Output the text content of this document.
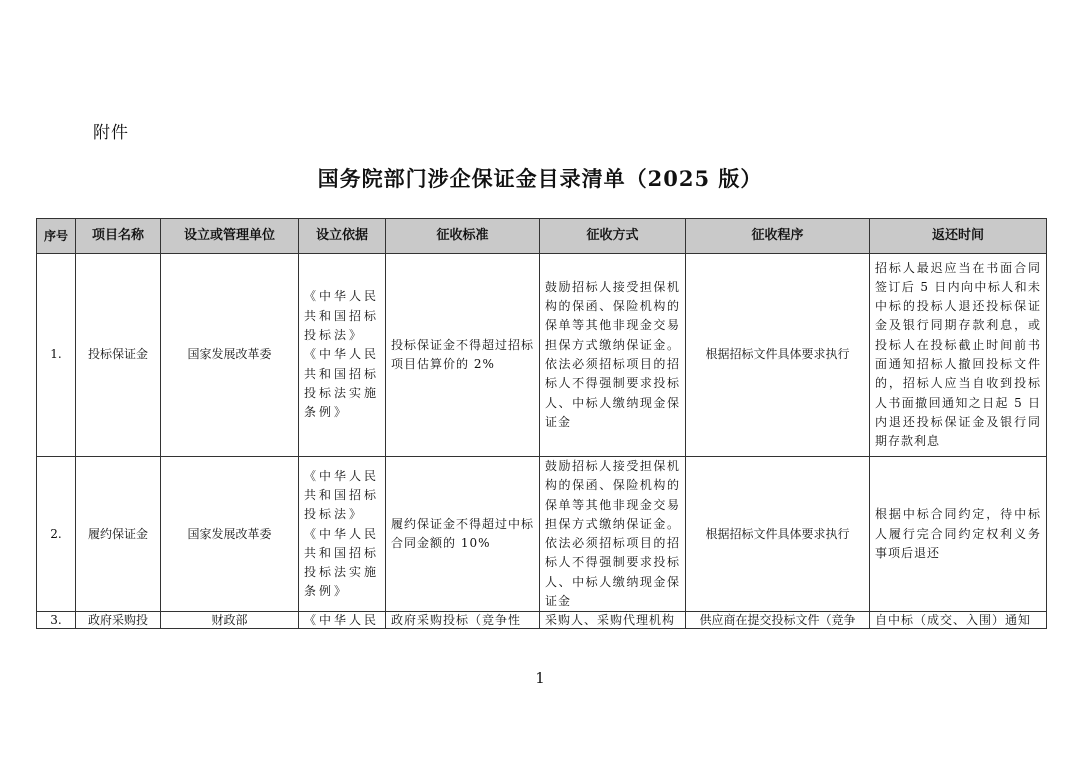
附件
国务院部门涉企保证金目录清单（2025 版）
序号	项目名称	设立或管理单位	设立依据	征收标准	征收方式	征收程序	返还时间
1.	投标保证金	国家发展改革委	《中华人民共和国招标投标法》《中华人民共和国招标投标法实施条例》	投标保证金不得超过招标项目估算价的 2%	鼓励招标人接受担保机构的保函、保险机构的保单等其他非现金交易担保方式缴纳保证金。依法必须招标项目的招标人不得强制要求投标人、中标人缴纳现金保证金	根据招标文件具体要求执行	招标人最迟应当在书面合同签订后 5 日内向中标人和未中标的投标人退还投标保证金及银行同期存款利息，或投标人在投标截止时间前书面通知招标人撤回投标文件的，招标人应当自收到投标人书面撤回通知之日起 5 日内退还投标保证金及银行同期存款利息
2.	履约保证金	国家发展改革委	《中华人民共和国招标投标法》《中华人民共和国招标投标法实施条例》	履约保证金不得超过中标合同金额的 10%	鼓励招标人接受担保机构的保函、保险机构的保单等其他非现金交易担保方式缴纳保证金。依法必须招标项目的招标人不得强制要求投标人、中标人缴纳现金保证金	根据招标文件具体要求执行	根据中标合同约定，待中标人履行完合同约定权利义务事项后退还
3.	政府采购投	财政部	《中华人民	政府采购投标（竞争性	采购人、采购代理机构	供应商在提交投标文件（竞争	自中标（成交、入围）通知
1
